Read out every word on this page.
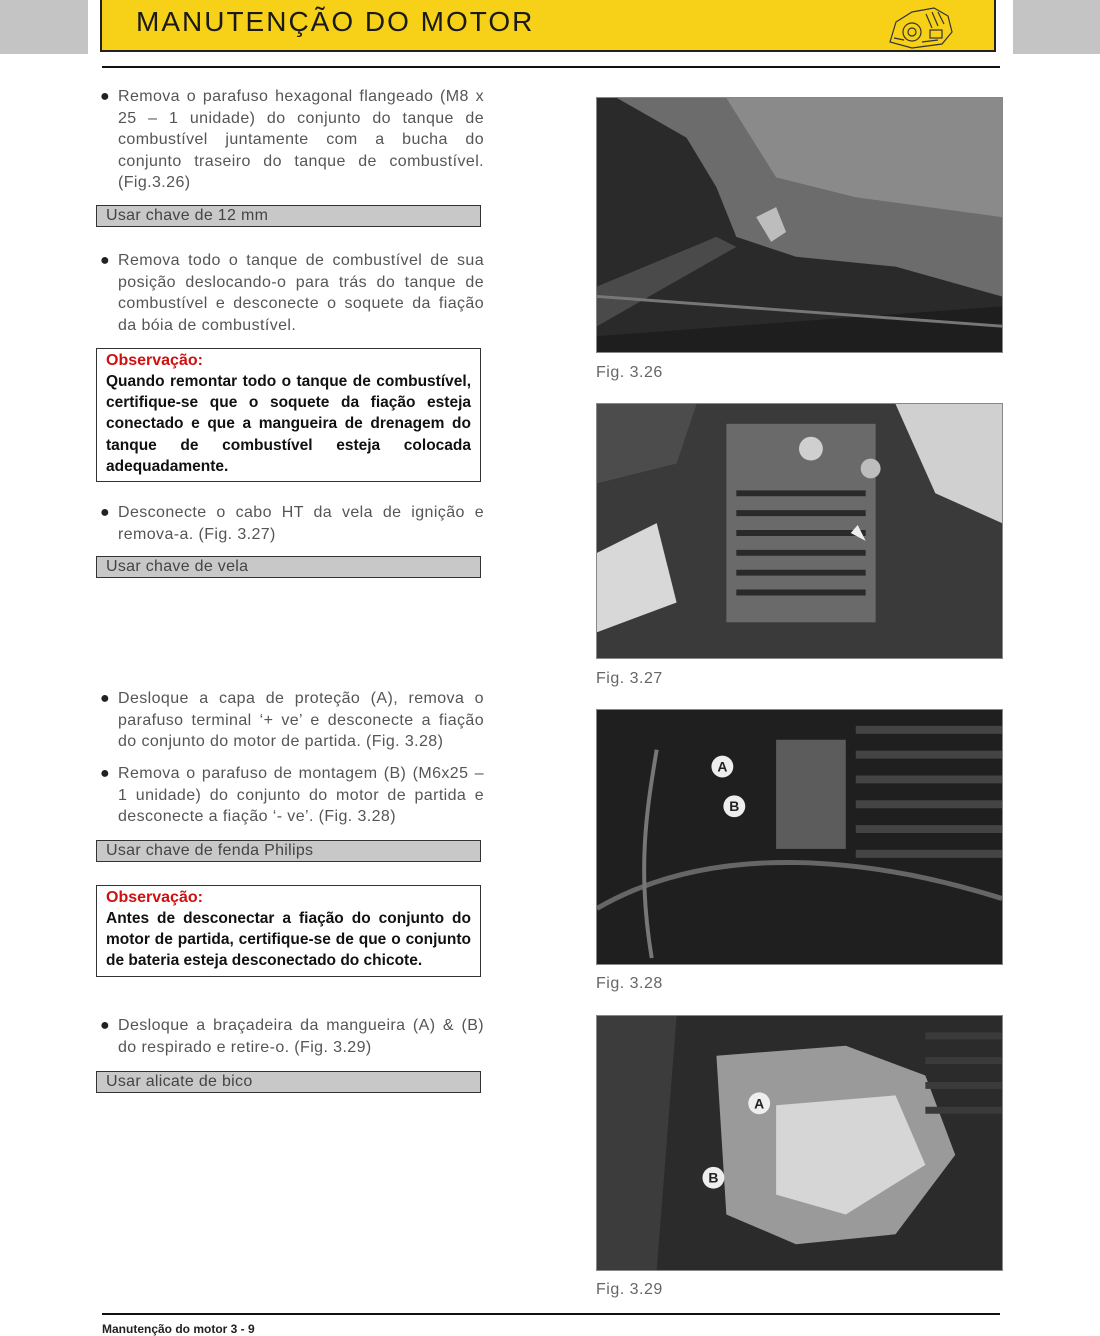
MANUTENÇÃO DO MOTOR
● Remova o parafuso hexagonal flangeado (M8 x 25 – 1 unidade) do conjunto do tanque de combustível juntamente com a bucha do conjunto traseiro do tanque de combustível. (Fig.3.26)
Usar chave de 12 mm
● Remova todo o tanque de combustível de sua posição deslocando-o para trás do tanque de combustível e desconecte o soquete da fiação da bóia de combustível.
Observação:
Quando remontar todo o tanque de combustível, certifique-se que o soquete da fiação esteja conectado e que a mangueira de drenagem do tanque de combustível esteja colocada adequadamente.
● Desconecte o cabo HT da vela de ignição e remova-a. (Fig. 3.27)
Usar chave de vela
● Desloque a capa de proteção (A), remova o parafuso terminal ‘+ ve’ e desconecte a fiação do conjunto do motor de partida. (Fig. 3.28)
● Remova o parafuso de montagem (B) (M6x25 – 1 unidade) do conjunto do motor de partida e desconecte a fiação ‘- ve’. (Fig. 3.28)
Usar chave de fenda Philips
Observação:
Antes de desconectar a fiação do conjunto do motor de partida, certifique-se de que o conjunto de bateria esteja desconectado do chicote.
● Desloque a braçadeira da mangueira (A) & (B) do respirado e retire-o. (Fig. 3.29)
Usar alicate de bico
Fig. 3.26
Fig. 3.27
A
B
Fig. 3.28
A
B
Fig. 3.29
Manutenção do motor 3 - 9
